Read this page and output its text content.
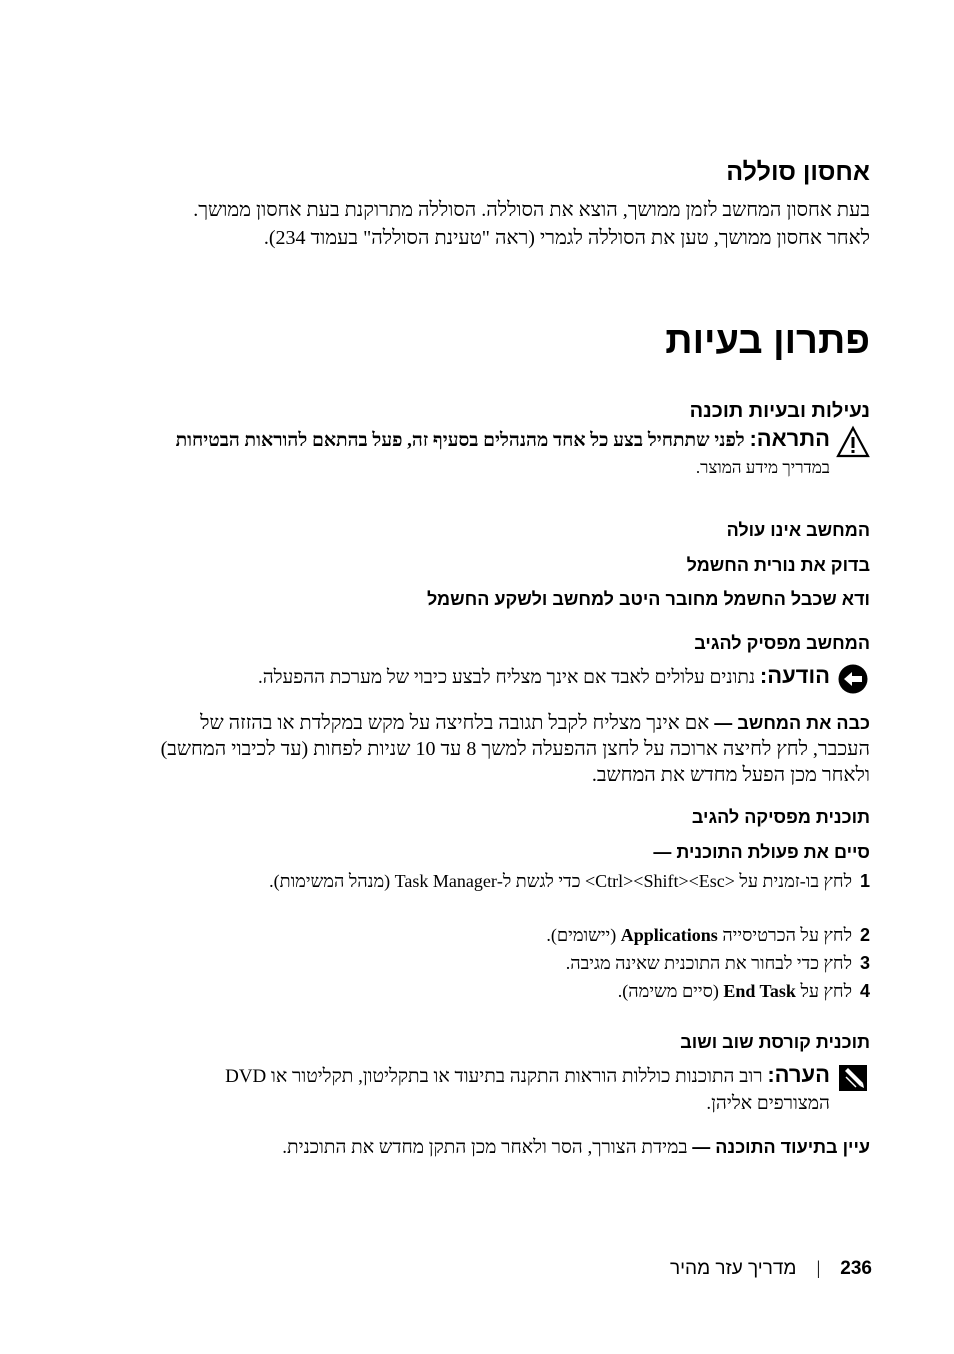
אחסון סוללה
בעת אחסון המחשב לזמן ממושך, הוצא את הסוללה. הסוללה מתרוקנת בעת אחסון ממושך. לאחר אחסון ממושך, טען את הסוללה לגמרי (ראה "טעינת הסוללה" בעמוד 234).
פתרון בעיות
נעילות ובעיות תוכנה
התראה: לפני שתתחיל בצע כל אחד מהנהלים בסעיף זה, פעל בהתאם להוראות הבטיחות במדריך מידע המוצר.
המחשב אינו עולה
בדוק את נורית החשמל
ודא שכבל החשמל מחובר היטב למחשב ולשקע החשמל
המחשב מפסיק להגיב
הודעה: נתונים עלולים לאבד אם אינך מצליח לבצע כיבוי של מערכת ההפעלה.
כבה את המחשב — אם אינך מצליח לקבל תגובה בלחיצה על מקש במקלדת או בהזזה של העכבר, לחץ לחיצה ארוכה על לחצן ההפעלה למשך 8 עד 10 שניות לפחות (עד לכיבוי המחשב) ולאחר מכן הפעל מחדש את המחשב.
תוכנית מפסיקה להגיב
סיים את פעולת התוכנית —
1
לחץ בו-זמנית על <Ctrl><Shift><Esc> כדי לגשת ל-Task Manager (מנהל המשימות).
2
לחץ על הכרטיסייה Applications (יישומים).
3
לחץ כדי לבחור את התוכנית שאינה מגיבה.
4
לחץ על End Task (סיים משימה).
תוכנית קורסת שוב ושוב
הערה: רוב התוכנות כוללות הוראות התקנה בתיעוד או בתקליטון, תקליטור או DVD המצורפים אליהן.
עיין בתיעוד התוכנה — במידת הצורך, הסר ולאחר מכן התקן מחדש את התוכנית.
236
|
מדריך עזר מהיר
